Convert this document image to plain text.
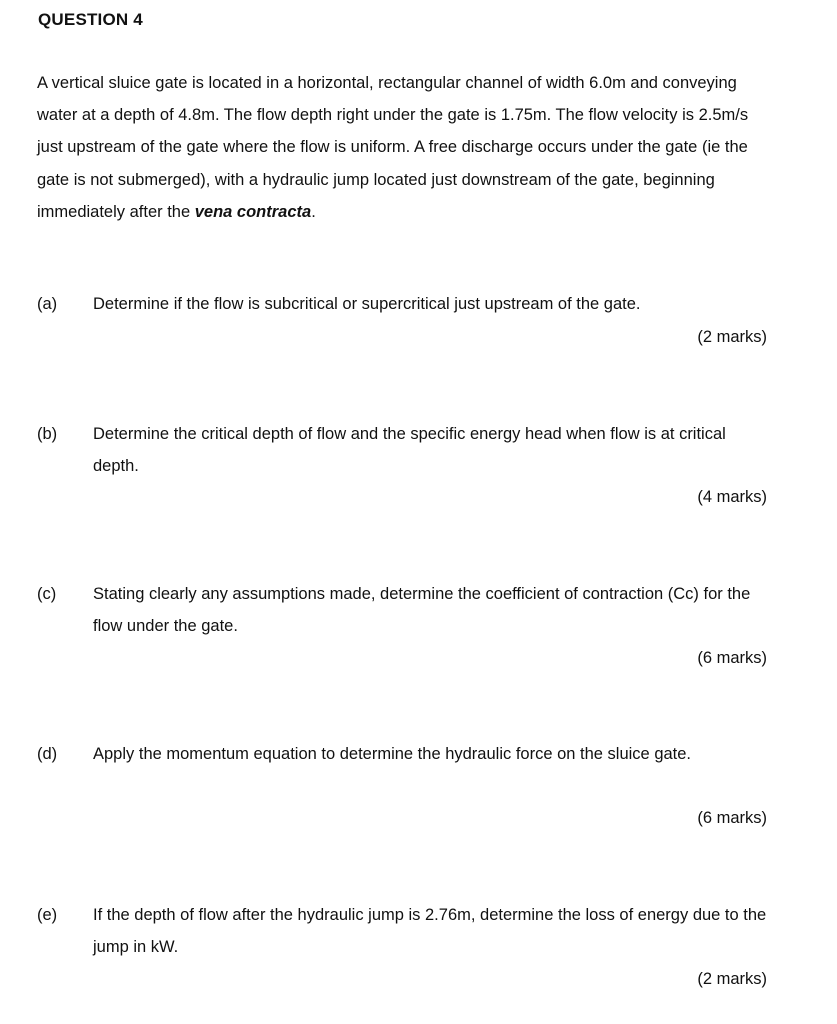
QUESTION 4
A vertical sluice gate is located in a horizontal, rectangular channel of width 6.0m and conveying water at a depth of 4.8m. The flow depth right under the gate is 1.75m. The flow velocity is 2.5m/s just upstream of the gate where the flow is uniform. A free discharge occurs under the gate (ie the gate is not submerged), with a hydraulic jump located just downstream of the gate, beginning immediately after the vena contracta.
(a) Determine if the flow is subcritical or supercritical just upstream of the gate.
(2 marks)
(b) Determine the critical depth of flow and the specific energy head when flow is at critical depth.
(4 marks)
(c) Stating clearly any assumptions made, determine the coefficient of contraction (Cc) for the flow under the gate.
(6 marks)
(d) Apply the momentum equation to determine the hydraulic force on the sluice gate.
(6 marks)
(e) If the depth of flow after the hydraulic jump is 2.76m, determine the loss of energy due to the jump in kW.
(2 marks)
